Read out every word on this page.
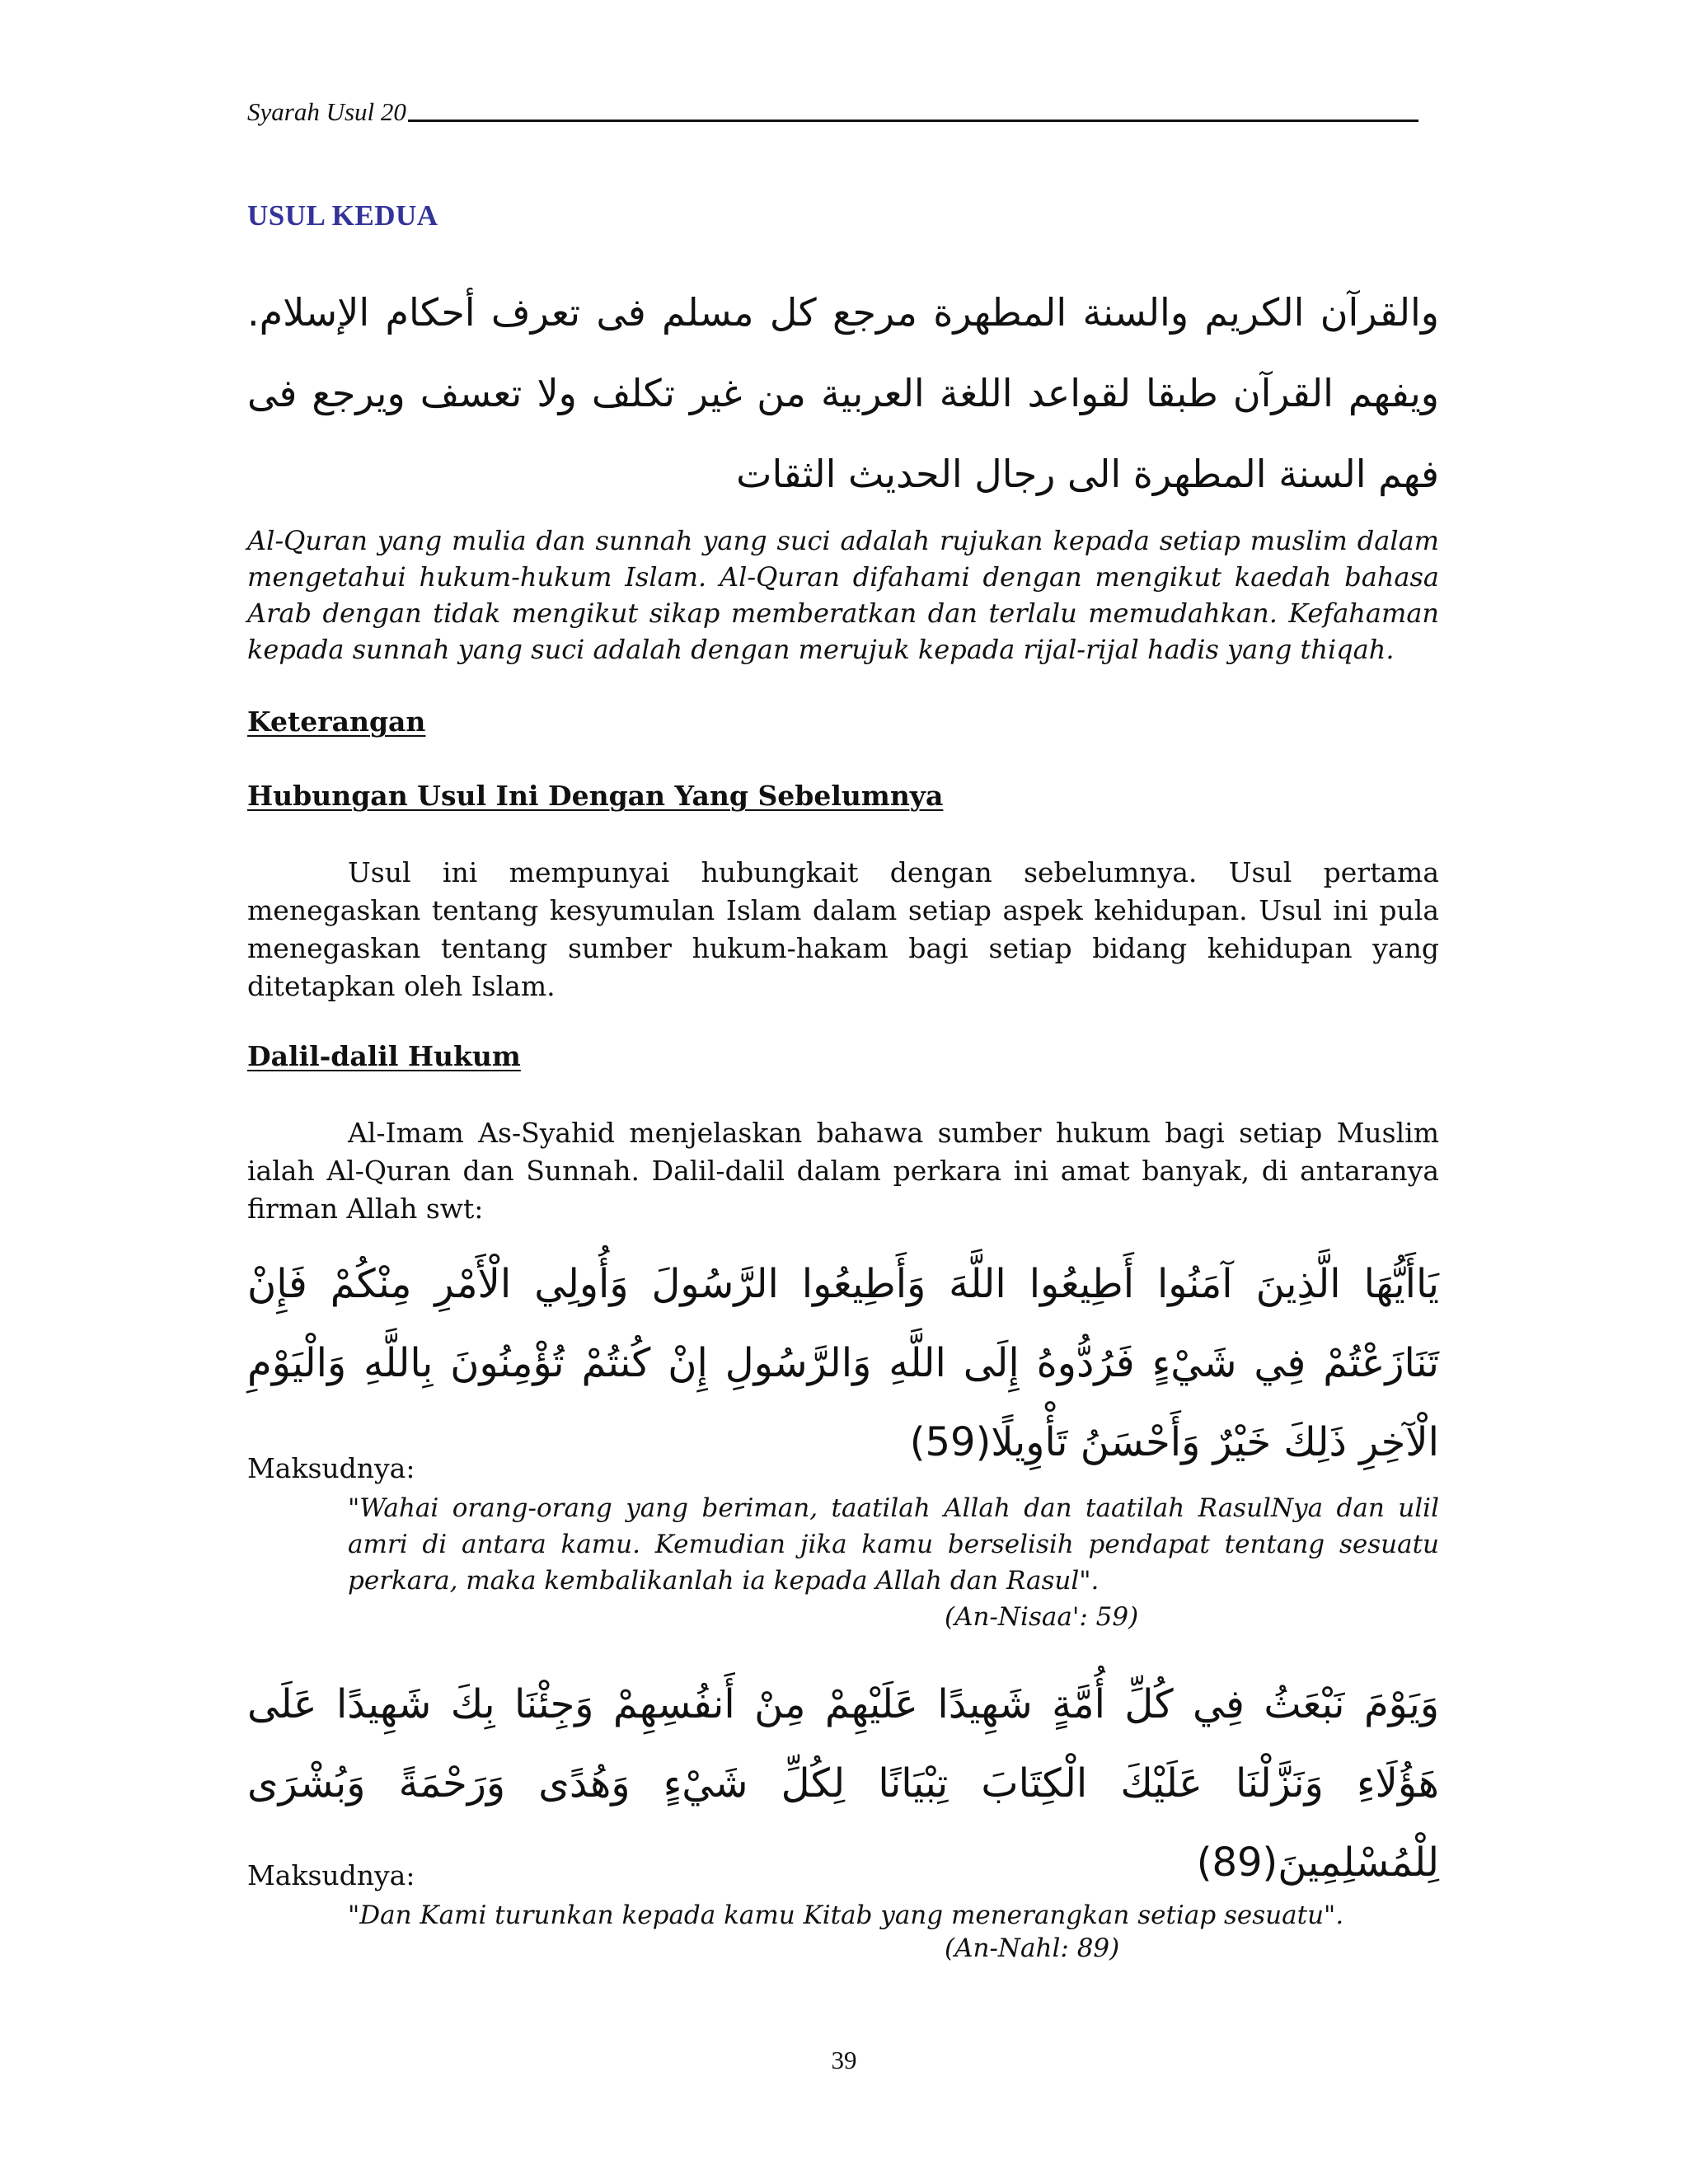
Syarah Usul 20
USUL KEDUA
والقرآن الكريم والسنة المطهرة مرجع كل مسلم فى تعرف أحكام الإسلام. ويفهم القرآن طبقا لقواعد اللغة العربية من غير تكلف ولا تعسف ويرجع فى فهم السنة المطهرة الى رجال الحديث الثقات
Al-Quran yang mulia dan sunnah yang suci adalah rujukan kepada setiap muslim dalam mengetahui hukum-hukum Islam. Al-Quran difahami dengan mengikut kaedah bahasa Arab dengan tidak mengikut sikap memberatkan dan terlalu memudahkan. Kefahaman kepada sunnah yang suci adalah dengan merujuk kepada rijal-rijal hadis yang thiqah.
Keterangan
Hubungan Usul Ini Dengan Yang Sebelumnya
Usul ini mempunyai hubungkait dengan sebelumnya. Usul pertama menegaskan tentang kesyumulan Islam dalam setiap aspek kehidupan. Usul ini pula menegaskan tentang sumber hukum-hakam bagi setiap bidang kehidupan yang ditetapkan oleh Islam.
Dalil-dalil Hukum
Al-Imam As-Syahid menjelaskan bahawa sumber hukum bagi setiap Muslim ialah Al-Quran dan Sunnah. Dalil-dalil dalam perkara ini amat banyak, di antaranya firman Allah swt:
يَاأَيُّهَا الَّذِينَ آمَنُوا أَطِيعُوا اللَّهَ وَأَطِيعُوا الرَّسُولَ وَأُولِي الْأَمْرِ مِنْكُمْ فَإِنْ تَنَازَعْتُمْ فِي شَيْءٍ فَرُدُّوهُ إِلَى اللَّهِ وَالرَّسُولِ إِنْ كُنتُمْ تُؤْمِنُونَ بِاللَّهِ وَالْيَوْمِ الْآخِرِ ذَلِكَ خَيْرٌ وَأَحْسَنُ تَأْوِيلًا(59)
Maksudnya:
"Wahai orang-orang yang beriman, taatilah Allah dan taatilah RasulNya dan ulil amri di antara kamu. Kemudian jika kamu berselisih pendapat tentang sesuatu perkara, maka kembalikanlah ia kepada Allah dan Rasul".
(An-Nisaa': 59)
وَيَوْمَ نَبْعَثُ فِي كُلِّ أُمَّةٍ شَهِيدًا عَلَيْهِمْ مِنْ أَنفُسِهِمْ وَجِئْنَا بِكَ شَهِيدًا عَلَى هَؤُلَاءِ وَنَزَّلْنَا عَلَيْكَ الْكِتَابَ تِبْيَانًا لِكُلِّ شَيْءٍ وَهُدًى وَرَحْمَةً وَبُشْرَى لِلْمُسْلِمِينَ(89)
Maksudnya:
"Dan Kami turunkan kepada kamu Kitab yang menerangkan setiap sesuatu".
(An-Nahl: 89)
39
